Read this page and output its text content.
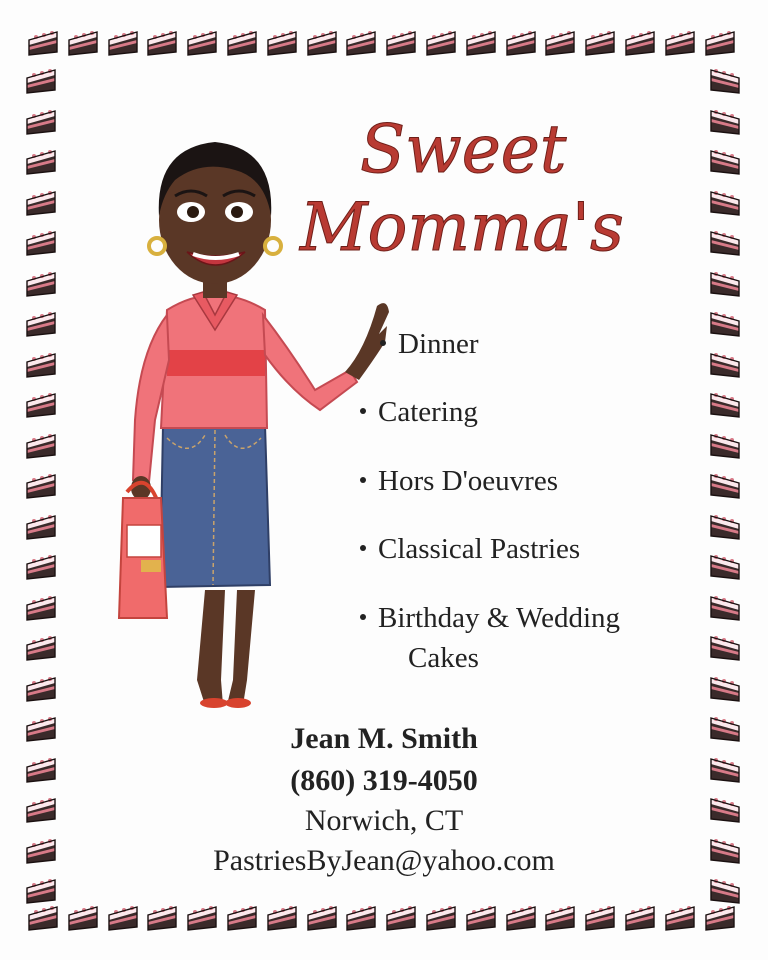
Sweet
Momma's
Dinner
Catering
Hors D'oeuvres
Classical Pastries
Birthday & Wedding
Cakes
Jean M. Smith
(860) 319-4050
Norwich, CT
PastriesByJean@yahoo.com
